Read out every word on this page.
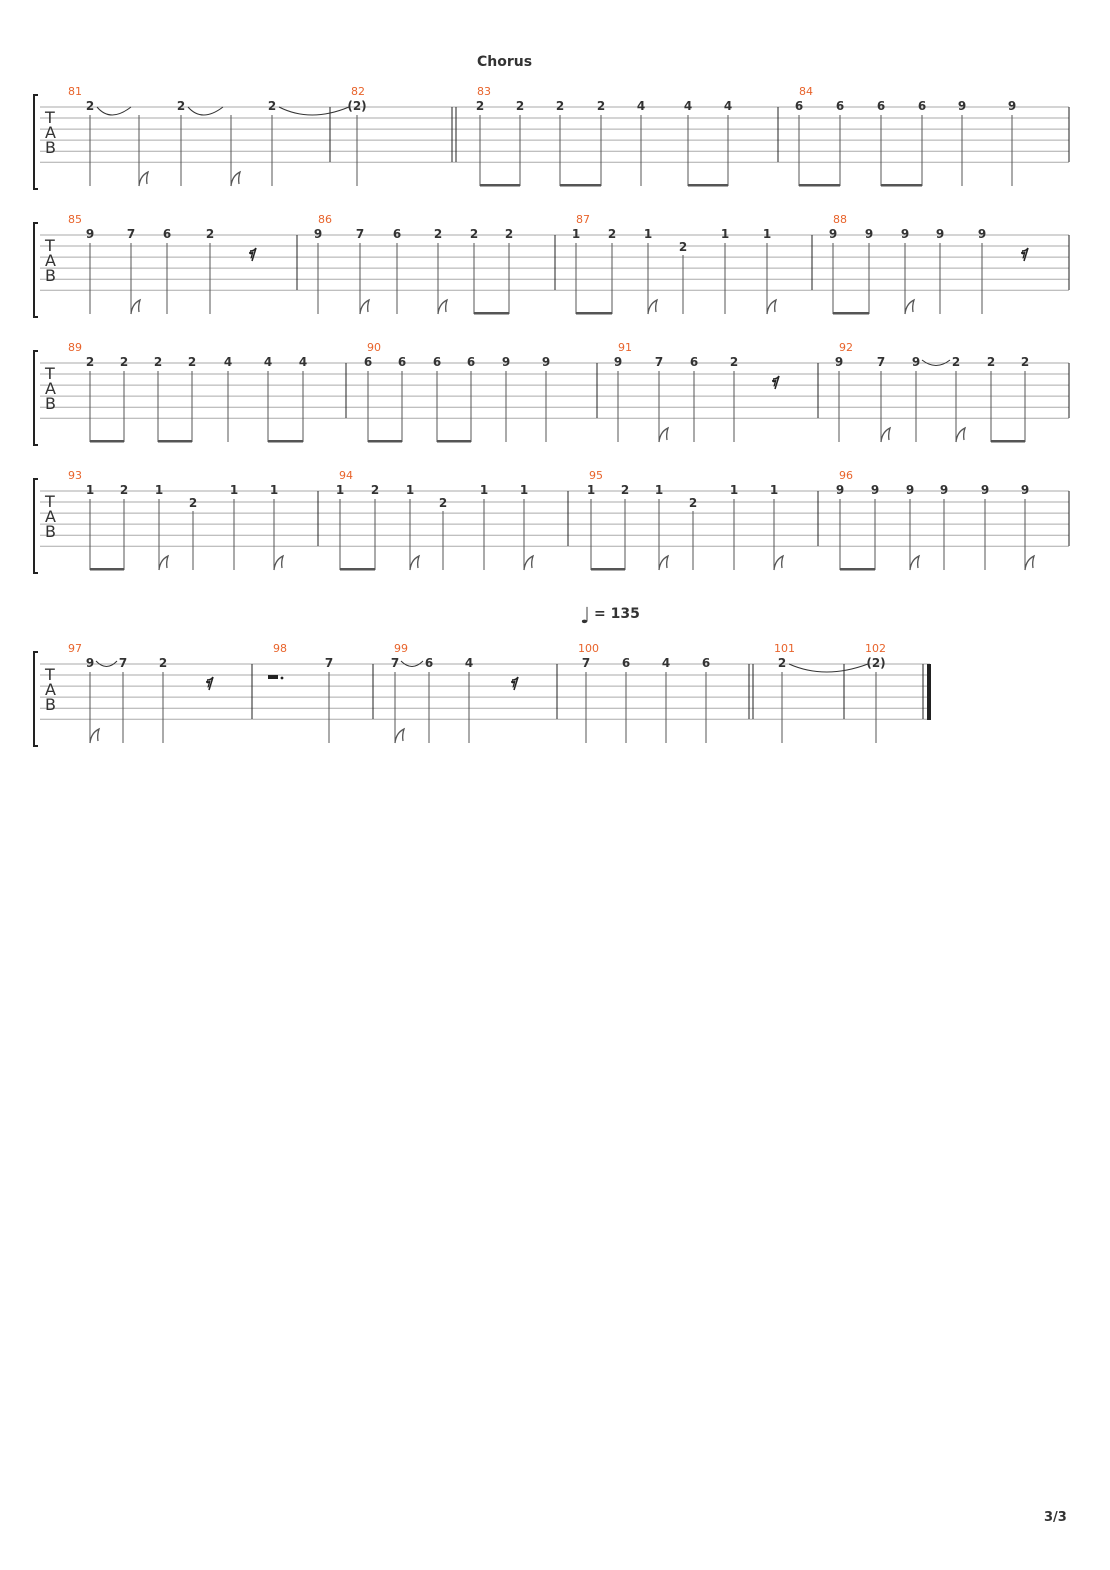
Chorus
♩ = 135
3/3
T
A
B
81
2	2	2
82
(2)
83
2	2	2	2	4	4	4
84
6	6	6	6	9	9
T
A
B
85
9	7 6	2
𝄾
86
9	7 6	2 2 2
87
1 2 1
2
1	1
88
9 9 9 9	9
𝄾
T
A
B
89
2 2 2 2 4	4 4
90
6 6 6 6 9	9
91
9	7 6	2
𝄾
92
9	7 9	2 2 2
T
A
B
93
1 2 1
2
1	1
94
1 2 1
2
1	1
95
1 2 1
2
1	1
96
9 9 9 9	9	9
T
A
B
97
9 7	2
𝄾
98
7
99
7 6	4
𝄾
100
7	6	4	6
101
2
102
(2)
